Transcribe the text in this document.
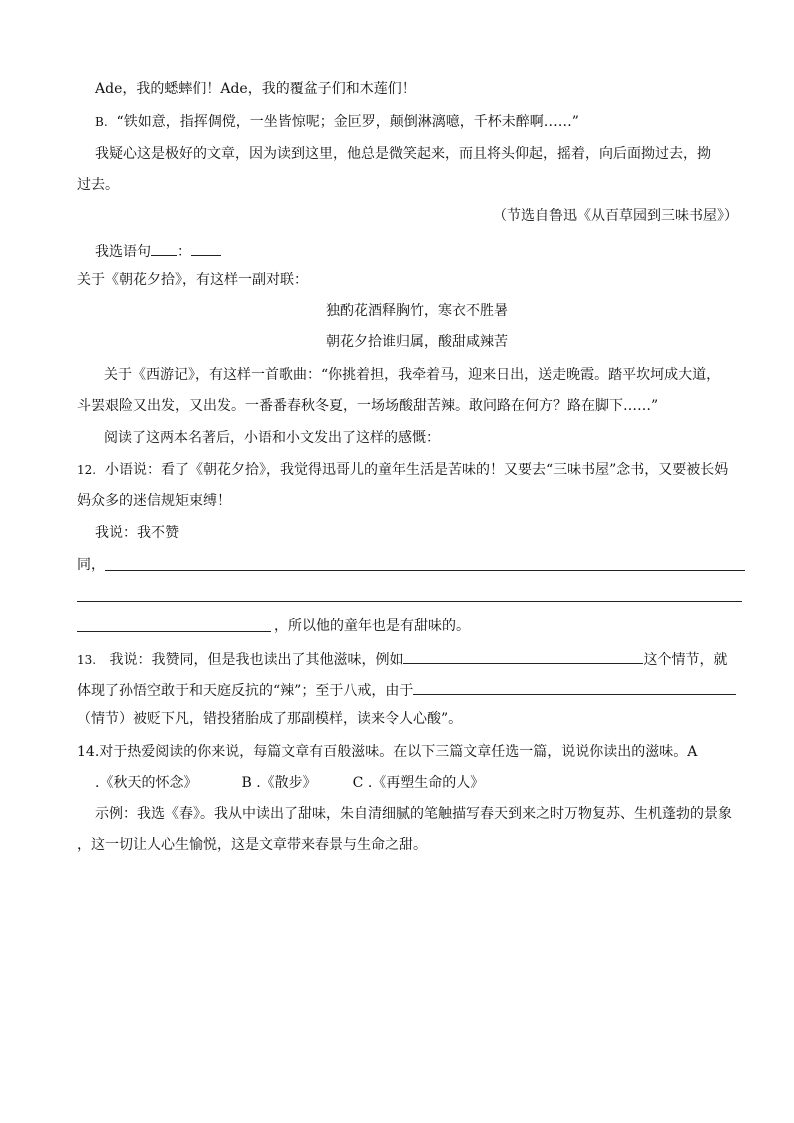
Ade，我的蟋蟀们！Ade，我的覆盆子们和木莲们！
B. “铁如意，指挥倜傥，一坐皆惊呢；金叵罗，颠倒淋漓噫，千杯未醉啊……”
我疑心这是极好的文章，因为读到这里，他总是微笑起来，而且将头仰起，摇着，向后面拗过去，拗
过去。
（节选自鲁迅《从百草园到三味书屋》）
我选语句 ：
关于《朝花夕拾》，有这样一副对联：
独酌花酒释胸竹，寒衣不胜暑
朝花夕拾谁归属，酸甜咸辣苦
关于《西游记》，有这样一首歌曲：“你挑着担，我牵着马，迎来日出，送走晚霞。踏平坎坷成大道，
斗罢艰险又出发，又出发。一番番春秋冬夏，一场场酸甜苦辣。敢问路在何方？路在脚下……”
阅读了这两本名著后，小语和小文发出了这样的感慨：
12. 小语说：看了《朝花夕拾》，我觉得迅哥儿的童年生活是苦味的！又要去“三味书屋”念书，又要被长妈
妈众多的迷信规矩束缚！
我说：我不赞
同，
，所以他的童年也是有甜味的。
13. 我说：我赞同，但是我也读出了其他滋味，例如	这个情节，就
体现了孙悟空敢于和天庭反抗的“辣”；至于八戒，由于
（情节）被贬下凡，错投猪胎成了那副模样，读来令人心酸”。
14.对于热爱阅读的你来说，每篇文章有百般滋味。在以下三篇文章任选一篇，说说你读出的滋味。A
.《秋天的怀念》	B .《散步》	C .《再塑生命的人》
示例：我选《春》。我从中读出了甜味，朱自清细腻的笔触描写春天到来之时万物复苏、生机蓬勃的景象
，这一切让人心生愉悦，这是文章带来春景与生命之甜。
